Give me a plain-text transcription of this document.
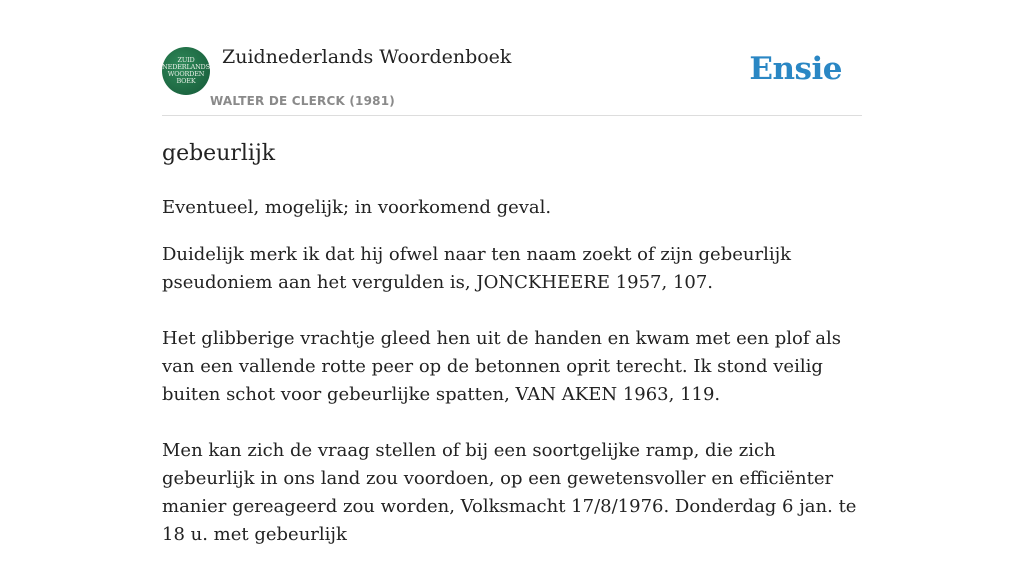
ZUID
NEDERLANDS
WOORDEN
BOEK
Zuidnederlands Woordenboek
WALTER DE CLERCK (1981)
Ensie
gebeurlijk

Eventueel, mogelijk; in voorkomend geval.

Duidelijk merk ik dat hij ofwel naar ten naam zoekt of zijn gebeurlijk pseudoniem aan het vergulden is, JONCKHEERE 1957, 107.

Het glibberige vrachtje gleed hen uit de handen en kwam met een plof als van een vallende rotte peer op de betonnen oprit terecht. Ik stond veilig buiten schot voor gebeurlijke spatten, VAN AKEN 1963, 119.

Men kan zich de vraag stellen of bij een soortgelijke ramp, die zich gebeurlijk in ons land zou voordoen, op een gewetensvoller en efficiënter manier gereageerd zou worden, Volksmacht 17/8/1976. Donderdag 6 jan. te 18 u. met gebeurlijk
